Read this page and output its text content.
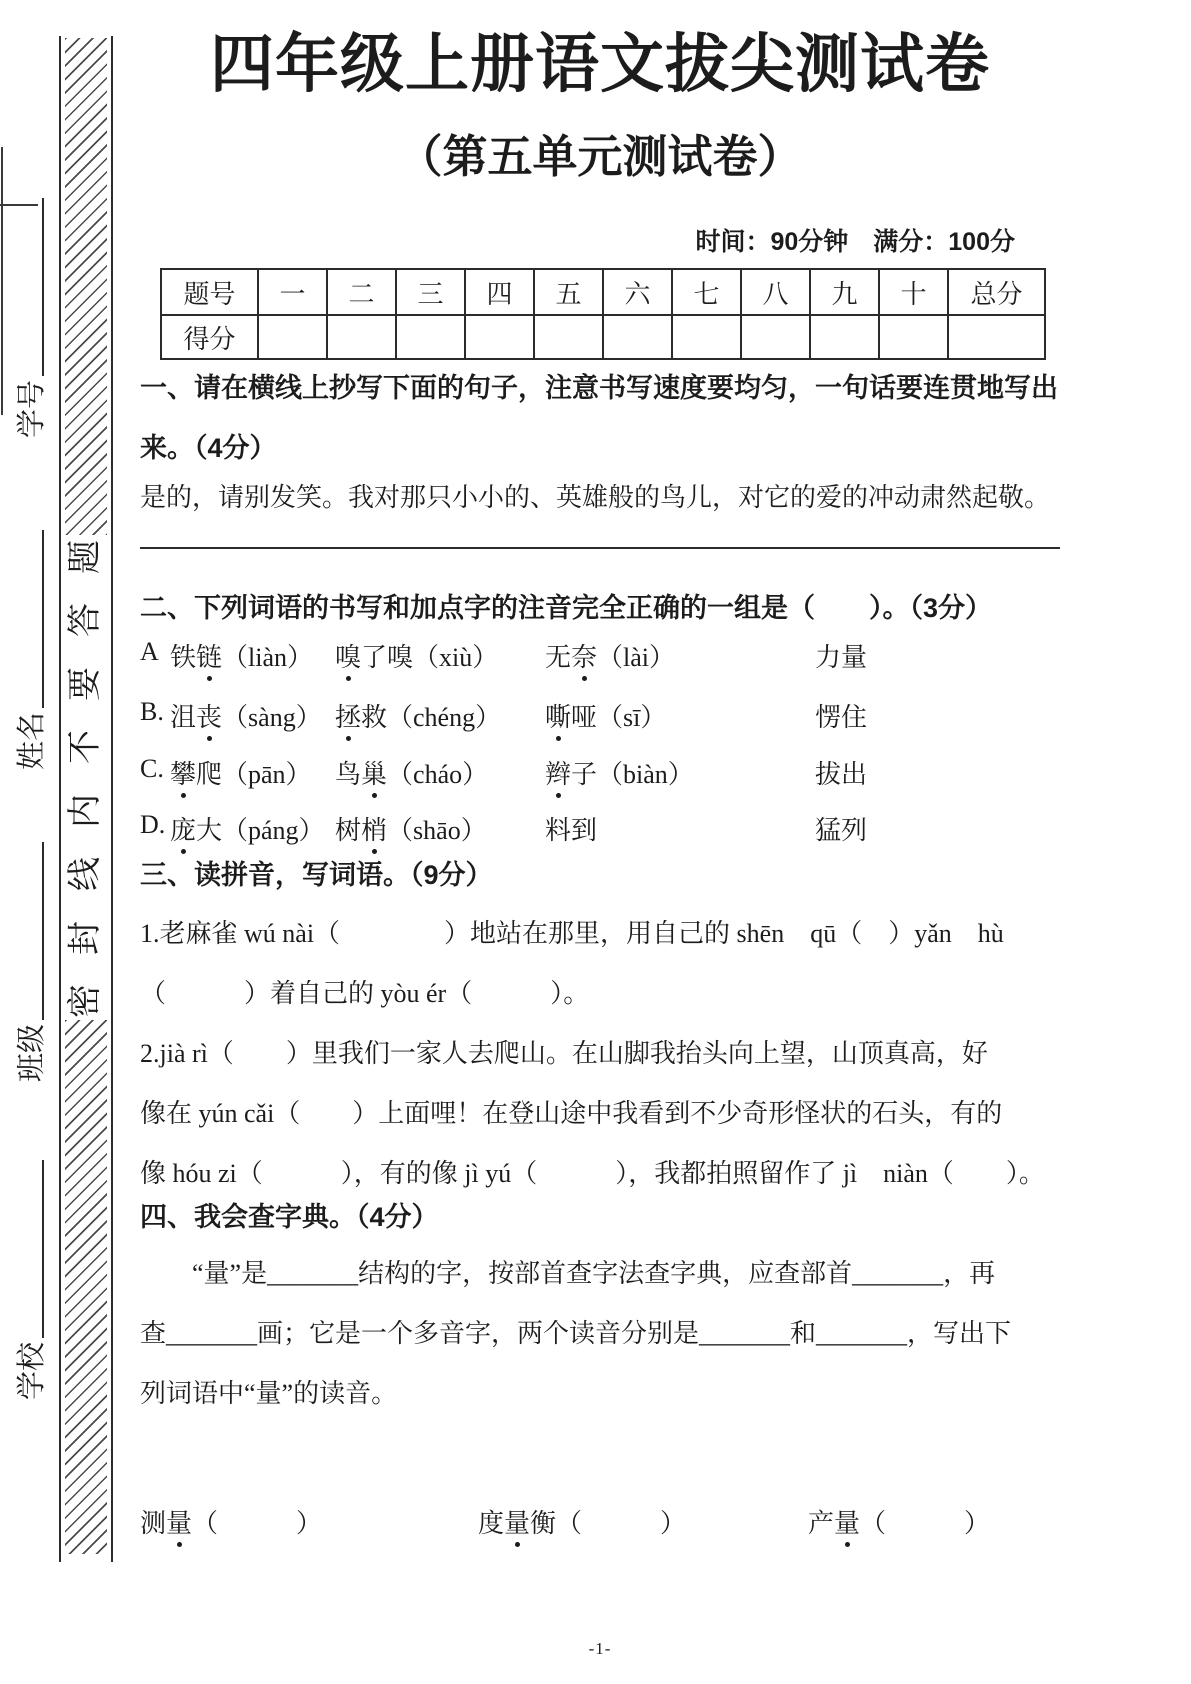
学号
姓名
班级
学校
题
答
要
不
内
线
封
密
四年级上册语文拔尖测试卷
（第五单元测试卷）
时间：90分钟　满分：100分
题号	一	二	三	四	五	六	七	八	九	十	总分
得分											
一、请在横线上抄写下面的句子，注意书写速度要均匀，一句话要连贯地写出
来。（4分）
是的，请别发笑。我对那只小小的、英雄般的鸟儿，对它的爱的冲动肃然起敬。
二、下列词语的书写和加点字的注音完全正确的一组是（　　）。（3分）
A 铁链（liàn） 嗅了嗅（xiù）	无奈（lài）	力量
B. 沮丧（sàng） 拯救（chéng）	嘶哑（sī）	愣住
C. 攀爬（pān） 鸟巢（cháo）	辫子（biàn）	拔出
D. 庞大（páng） 树梢（shāo）	料到	猛列
三、读拼音，写词语。（9分）
1.老麻雀 wú nài（　　　　）地站在那里，用自己的 shēn　qū（　）yǎn　hù
（　　　）着自己的 yòu ér（　　　）。
2.jià rì（　　）里我们一家人去爬山。在山脚我抬头向上望，山顶真高，好
像在 yún cǎi（　　）上面哩！在登山途中我看到不少奇形怪状的石头，有的
像 hóu zi（　　　），有的像 jì yú（　　　），我都拍照留作了 jì　niàn（　　）。
四、我会查字典。（4分）
　　“量”是_______结构的字，按部首查字法查字典，应查部首_______，再
查_______画；它是一个多音字，两个读音分别是_______和_______，写出下
列词语中“量”的读音。
测量（　　　）	度量衡（　　　）	产量（　　　）
-1-
